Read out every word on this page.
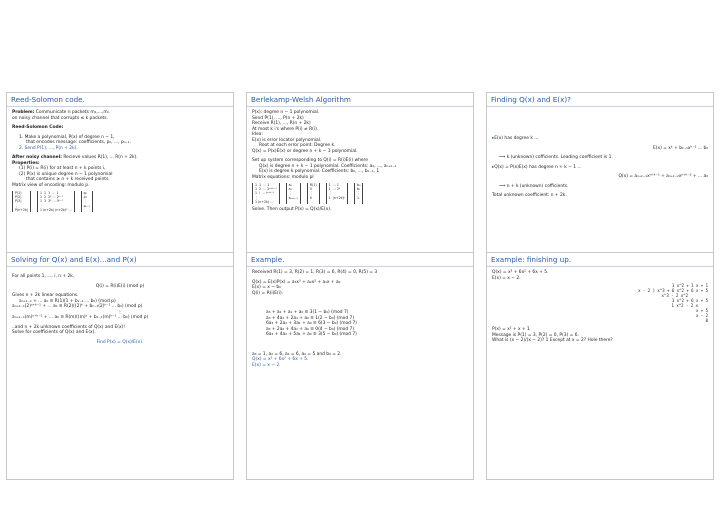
Reed-Solomon code.

Problem: Communicate n packets m₁,...,mₙ

on noisy channel that corrupts ≤ k packets.

Reed-Solomon Code:

1. Make a polynomial, P(x) of degree n − 1,

that encodes message: coefficients, p₀, ..., pₙ₋₁.

2. Send P(1), ..., P(n + 2k).

After noisy channel: Recieve values R(1), ... R(n + 2k).

Properties:

(1) P(i) = R(i) for at least n + k points i,

(2) P(x) is unique degree n − 1 polynomial

that contains ≥ n + k received points.

Matrix view of encoding: modulo p.

P(1)
P(2)
P(3)
⋮
P(n+2k)
1  1  1  ⋯ 1
1  2  2² ⋯ 2ⁿ⁻¹
1  3  3² ⋯ 3ⁿ⁻¹
⋮
1 (n+2k) (n+2k)² ⋯
p₀
p₁
⋮
pₙ₋₁
Berlekamp-Welsh Algorithm

P(x): degree n − 1 polynomial.

Send P(1), ..., P(n + 2k)

Receive R(1), ..., R(n + 2k)

At most k i's where P(i) ≠ R(i).

Idea:

E(x) is error locator polynomial.

Root at each error point. Degree k.

Q(x) = P(x)E(x) or degree n + k − 1 polynomial.

Set up system corresponding to Q(i) = R(i)E(i) where

Q(x) is degree n + k − 1 polynomial. Coefficients: a₀, ..., aₙ₊ₖ₋₁

E(x) is degree k polynomial. Coefficients: b₀, ..., bₖ₋₁, 1

Matrix equations: modulo pl

1  1  ⋯ 1
1  2  ⋯ 2ⁿ⁺ᵏ⁻¹
1  i  ⋯ iⁿ⁺ᵏ⁻¹
⋮
1 (n+2k) ⋯
a₀
a₁
⋮
aₙ₊ₖ₋₁
R(1)
0
⋮
0
1  ⋯ 1
1  ⋯ 2ᵏ
⋮
1  (n+2k)ᵏ
b₀
b₁
⋮
1

Solve. Then output P(x) = Q(x)/E(x).

Finding Q(x) and E(x)?

▸ E(x) has degree k ...

E(x) = xᵏ + bₖ₋₁xᵏ⁻¹ ... b₀

⟹ k (unknown) cofficients. Leading coefficient is 1.

▸ Q(x) = P(x)E(x) has degree n + k − 1 ...

Q(x) = aₙ₊ₖ₋₁xⁿ⁺ᵏ⁻¹ + aₙ₊ₖ₋₂xⁿ⁺ᵏ⁻² + ... a₀

⟹ n + k (unknown) cofficients.

Total unknown coefficient: n + 2k.

Solving for Q(x) and E(x)...and P(x)

For all points 1, ..., i, n + 2k,

Q(i) = R(i)E(i) (mod p)

Gives n + 2k linear equations.

aₙ₊ₖ₋₁ + ... a₀ ≡ R(1)(1 + bₖ₋₁ ... b₀) (mod p)

aₙ₊ₖ₋₁(2)ⁿ⁺ᵏ⁻¹ + ... a₀ ≡ R(2)((2)ᵏ + bₖ₋₁(2)ᵏ⁻¹ ... b₀) (mod p)

⋮

aₙ₊ₖ₋₁(m)ⁿ⁺ᵏ⁻¹ + ... a₀ ≡ R(m)((m)ᵏ + bₖ₋₁(m)ᵏ⁻¹ ... b₀) (mod p)

..and n + 2k unknown coefficients of Q(x) and E(x)!

Solve for coefficients of Q(x) and E(x).

Find P(x) = Q(x)/E(x).

Example.

Received R(1) = 3, R(2) = 1, R(3) = 6, R(4) = 0, R(5) = 3

Q(x) = E(x)P(x) = a₃x³ + a₂x² + a₁x + a₀

E(x) = x − b₀

Q(i) = R(i)E(i).

a₃ + a₂ + a₁ + a₀ ≡ 3(1 − b₀) (mod 7)

a₃ + 4a₂ + 2a₁ + a₀ ≡ 1(2 − b₀) (mod 7)

6a₃ + 2a₂ + 3a₁ + a₀ ≡ 6(3 − b₀) (mod 7)

a₃ + 2a₂ + 4a₁ + a₀ ≡ 0(4 − b₀) (mod 7)

6a₃ + 4a₂ + 5a₁ + a₀ ≡ 3(5 − b₀) (mod 7)

a₃ = 1, a₂ = 6, a₁ = 6, a₀ = 5 and b₀ = 2.

Q(x) = x³ + 6x² + 6x + 5.

E(x) = x − 2.

Example: finishing up.

Q(x) = x³ + 6x² + 6x + 5.

E(x) = x − 2.

1 x^2 + 1 x + 1

x - 2 ) x^3 + 6 x^2 + 6 x + 5

x^3 - 2 x^2

1 x^2 + 6 x + 5

1 x^2 - 2 x

x + 5

x - 2

0

P(x) = x² + x + 1

Message is P(1) = 3, P(2) = 0, P(3) = 6.

What is (x − 2)/(x − 2)? 1 Except at x = 2? Hole there?
